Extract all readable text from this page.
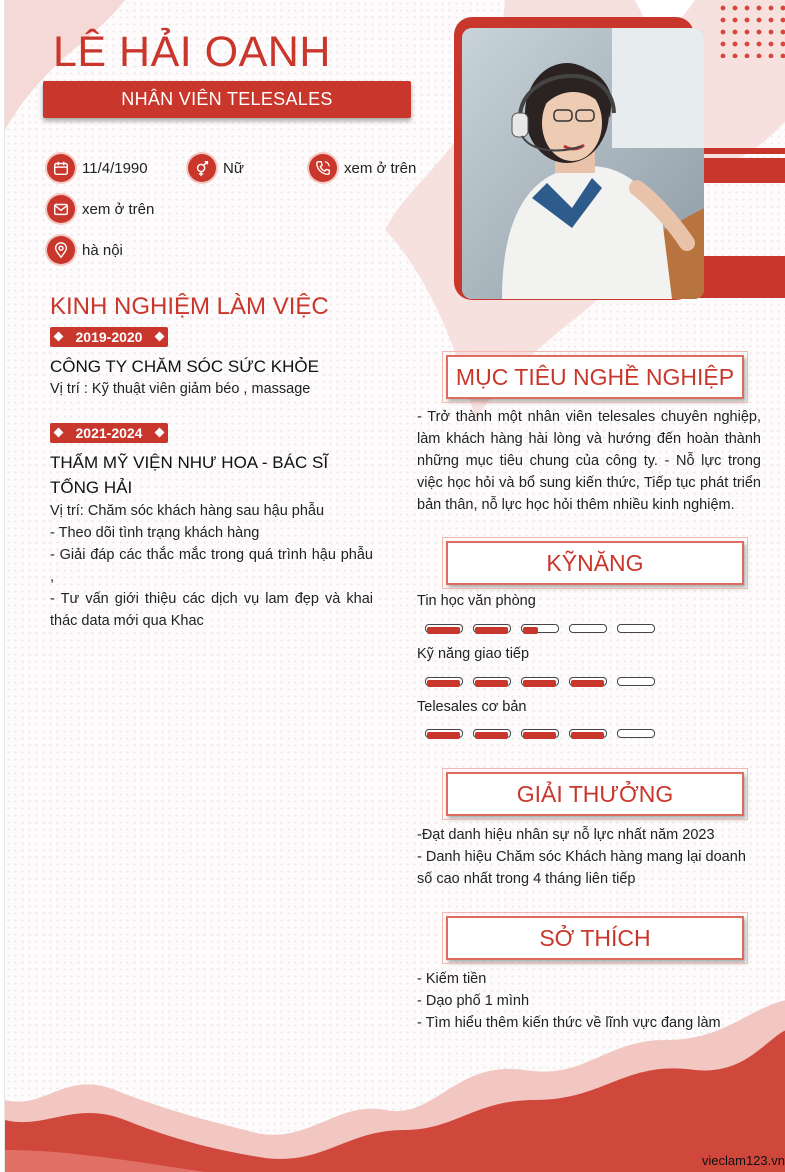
LÊ HẢI OANH
NHÂN VIÊN TELESALES
11/4/1990	Nữ	xem ở trên
xem ở trên
hà nội
KINH NGHIỆM LÀM VIỆC
2019-2020
CÔNG TY CHĂM SÓC SỨC KHỎE
Vị trí : Kỹ thuật viên giảm béo , massage
2021-2024
THẨM MỸ VIỆN NHƯ HOA - BÁC SĨ TỐNG HẢI
Vị trí: Chăm sóc khách hàng sau hậu phẫu
- Theo dõi tình trạng khách hàng
- Giải đáp các thắc mắc trong quá trình hậu phẫu ,
- Tư vấn giới thiệu các dịch vụ lam đẹp và khai thác data mới qua Khac
MỤC TIÊU NGHỀ NGHIỆP
- Trở thành một nhân viên telesales chuyên nghiệp, làm khách hàng hài lòng và hướng đến hoàn thành những mục tiêu chung của công ty. - Nỗ lực trong việc học hỏi và bổ sung kiến thức, Tiếp tục phát triển bản thân, nỗ lực học hỏi thêm nhiều kinh nghiệm.
KỸNĂNG
Tin học văn phòng
Kỹ năng giao tiếp
Telesales cơ bản
GIẢI THƯỞNG
-Đạt danh hiệu nhân sự nỗ lực nhất năm 2023
- Danh hiệu Chăm sóc Khách hàng mang lại doanh số cao nhất trong 4 tháng liên tiếp
SỞ THÍCH
- Kiếm tiền
- Dạo phố 1 mình
- Tìm hiểu thêm kiến thức về lĩnh vực đang làm
vieclam123.vn
